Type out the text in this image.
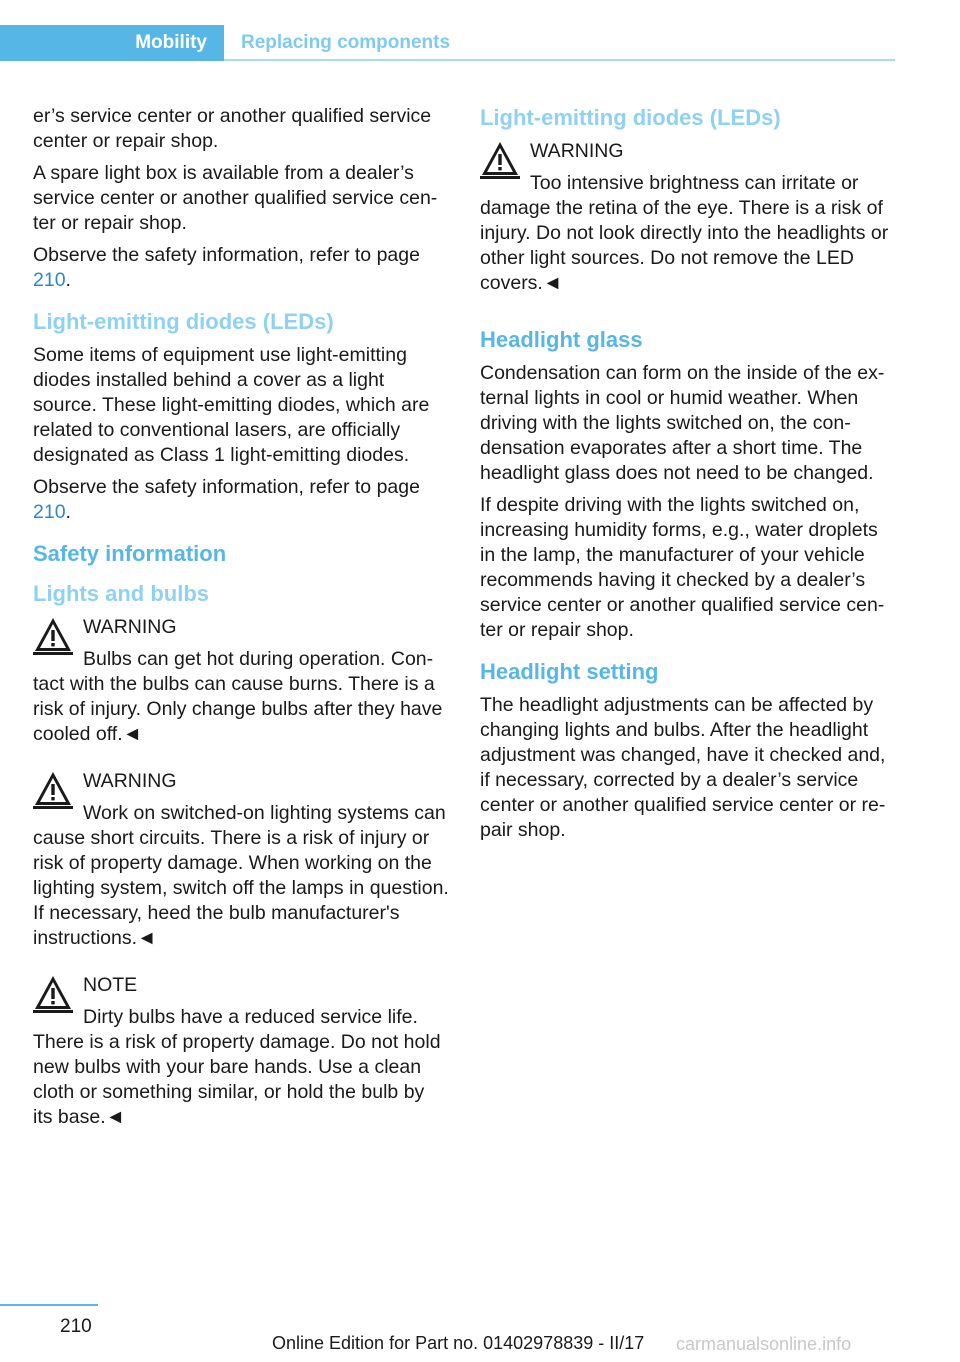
Mobility	Replacing components

er’s service center or another qualified service center or repair shop.

A spare light box is available from a dealer’s service center or another qualified service center or repair shop.

Observe the safety information, refer to page 210.

Light-emitting diodes (LEDs)

Some items of equipment use light-emitting diodes installed behind a cover as a light source. These light-emitting diodes, which are related to conventional lasers, are officially designated as Class 1 light-emitting diodes.

Observe the safety information, refer to page 210.

Safety information
Lights and bulbs
WARNING
Bulbs can get hot during operation. Contact with the bulbs can cause burns. There is a risk of injury. Only change bulbs after they have cooled off.◄
WARNING
Work on switched-on lighting systems can cause short circuits. There is a risk of injury or risk of property damage. When working on the lighting system, switch off the lamps in question. If necessary, heed the bulb manufacturer's instructions.◄
NOTE
Dirty bulbs have a reduced service life. There is a risk of property damage. Do not hold new bulbs with your bare hands. Use a clean cloth or something similar, or hold the bulb by its base.◄
Light-emitting diodes (LEDs)
WARNING
Too intensive brightness can irritate or damage the retina of the eye. There is a risk of injury. Do not look directly into the headlights or other light sources. Do not remove the LED covers.◄
Headlight glass

Condensation can form on the inside of the external lights in cool or humid weather. When driving with the lights switched on, the condensation evaporates after a short time. The headlight glass does not need to be changed.

If despite driving with the lights switched on, increasing humidity forms, e.g., water droplets in the lamp, the manufacturer of your vehicle recommends having it checked by a dealer’s service center or another qualified service center or repair shop.

Headlight setting

The headlight adjustments can be affected by changing lights and bulbs. After the headlight adjustment was changed, have it checked and, if necessary, corrected by a dealer’s service center or another qualified service center or repair shop.

210
Online Edition for Part no. 01402978839 - II/17 carmanualsonline.info
